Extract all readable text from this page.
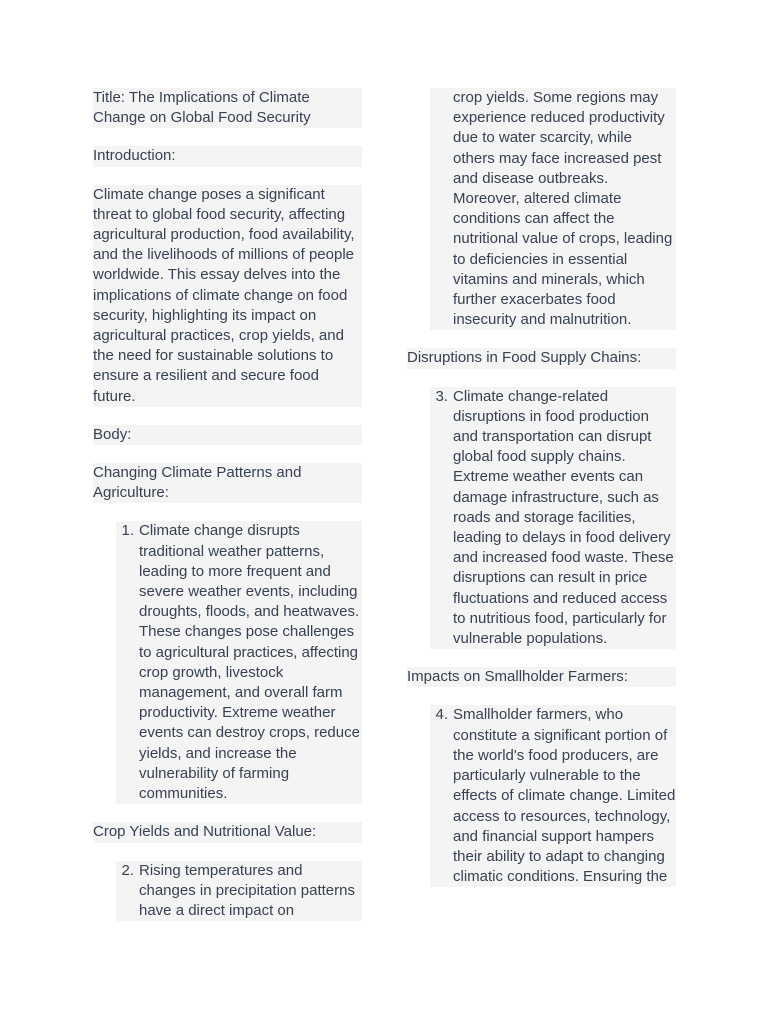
Title: The Implications of Climate Change on Global Food Security
Introduction:
Climate change poses a significant threat to global food security, affecting agricultural production, food availability, and the livelihoods of millions of people worldwide. This essay delves into the implications of climate change on food security, highlighting its impact on agricultural practices, crop yields, and the need for sustainable solutions to ensure a resilient and secure food future.
Body:
Changing Climate Patterns and Agriculture:
1. Climate change disrupts traditional weather patterns, leading to more frequent and severe weather events, including droughts, floods, and heatwaves. These changes pose challenges to agricultural practices, affecting crop growth, livestock management, and overall farm productivity. Extreme weather events can destroy crops, reduce yields, and increase the vulnerability of farming communities.
Crop Yields and Nutritional Value:
2. Rising temperatures and changes in precipitation patterns have a direct impact on
crop yields. Some regions may experience reduced productivity due to water scarcity, while others may face increased pest and disease outbreaks. Moreover, altered climate conditions can affect the nutritional value of crops, leading to deficiencies in essential vitamins and minerals, which further exacerbates food insecurity and malnutrition.
Disruptions in Food Supply Chains:
3. Climate change-related disruptions in food production and transportation can disrupt global food supply chains. Extreme weather events can damage infrastructure, such as roads and storage facilities, leading to delays in food delivery and increased food waste. These disruptions can result in price fluctuations and reduced access to nutritious food, particularly for vulnerable populations.
Impacts on Smallholder Farmers:
4. Smallholder farmers, who constitute a significant portion of the world's food producers, are particularly vulnerable to the effects of climate change. Limited access to resources, technology, and financial support hampers their ability to adapt to changing climatic conditions. Ensuring the
